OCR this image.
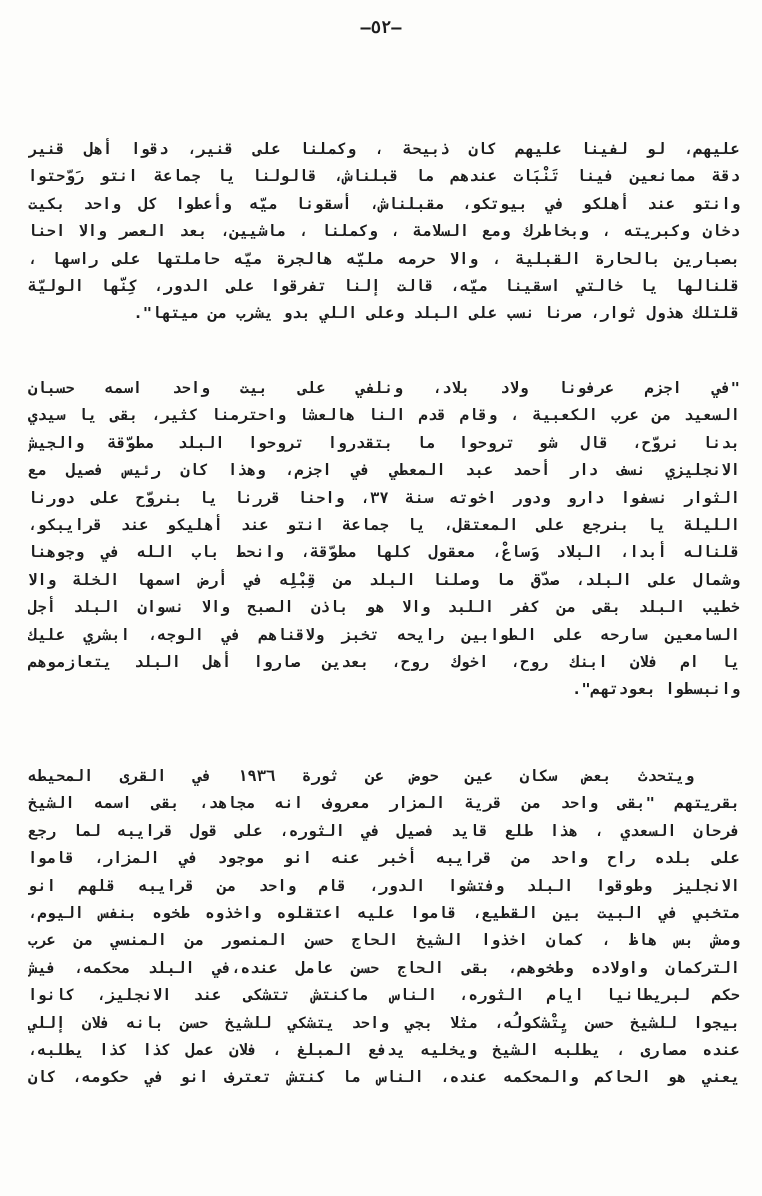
–٥٢–
عليهم، لو لفينا عليهم كان ذبيحة ، وكملنا على قنير، دقوا أهل قنير
دقة ممانعين فينا تَنْبَات عندهم ما قبلناش، قالولنا يا جماعة انتو رَوّحتوا
وانتو عند أهلكو في بيوتكو، مقبلناش، أسقونا ميّه وأعطوا كل واحد بكيت
دخان وكبريته ، وبخاطرك ومع السلامة ، وكملنا ، ماشيين، بعد العصر والا احنا
بصبارين بالحارة القبلية ، والا حرمه مليّه هالجرة ميّه حاملتها على راسها ،
قلنالها يا خالتي اسقينا ميّه، قالت إلنا تفرقوا على الدور، كِنّها الوليّة
قلتلك هذول ثوار، صرنا نسب على البلد وعلى اللي بدو يشرب من ميتها".
"في اجزم عرفونا ولاد بلاد، ونلفي على بيت واحد اسمه حسبان
السعيد من عرب الكعبية ، وقام قدم النا هالعشا واحترمنا كثير، بقى يا سيدي
بدنا نروّح، قال شو تروحوا ما بتقدروا تروحوا البلد مطوّقة والجيش
الانجليزي نسف دار أحمد عبد المعطي في اجزم، وهذا كان رئيس فصيل مع
الثوار نسفوا دارو ودور اخوته سنة ٣٧، واحنا قررنا يا بنروّح على دورنا
الليلة يا بنرجع على المعتقل، يا جماعة انتو عند أهليكو عند قرايبكو،
قلناله أبدا، البلاد وَساعْ، معقول كلها مطوّقة، وانحط باب الله في وجوهنا
وشمال على البلد، صدّق ما وصلنا البلد من قِبْلِه في أرض اسمها الخلة والا
خطيب البلد بقى من كفر اللبد والا هو باذن الصبح والا نسوان البلد أجل
السامعين سارحه على الطوابين رايحه تخبز ولاقناهم في الوجه، ابشري عليك
يا ام فلان ابنك روح، اخوك روح، بعدين صاروا أهل البلد يتعازموهم
وانبسطوا بعودتهم".
ويتحدث بعض سكان عين حوض عن ثورة ١٩٣٦ في القرى المحيطه
بقريتهم "بقى واحد من قرية المزار معروف انه مجاهد، بقى اسمه الشيخ
فرحان السعدي ، هذا طلع قايد فصيل في الثوره، على قول قرايبه لما رجع
على بلده راح واحد من قرايبه أخبر عنه انو موجود في المزار، قاموا
الانجليز وطوقوا البلد وفتشوا الدور، قام واحد من قرايبه قلهم انو
متخبي في البيت بين القطيع، قاموا عليه اعتقلوه واخذوه طخوه بنفس اليوم،
ومش بس هاظ ، كمان اخذوا الشيخ الحاج حسن المنصور من المنسي من عرب
التركمان واولاده وطخوهم، بقى الحاج حسن عامل عنده،في البلد محكمه، فيش
حكم لبريطانيا ايام الثوره، الناس ماكنتش تتشكى عند الانجليز، كانوا
بيجوا للشيخ حسن يِتْشكولُه، مثلا بجي واحد يتشكي للشيخ حسن بانه فلان إللي
عنده مصارى ، يطلبه الشيخ ويخليه يدفع المبلغ ، فلان عمل كذا كذا يطلبه،
يعني هو الحاكم والمحكمه عنده، الناس ما كنتش تعترف انو في حكومه، كان
